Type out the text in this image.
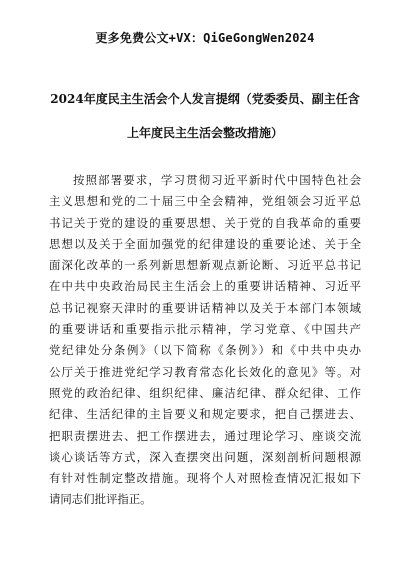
更多免费公文+VX：QiGeGongWen2024
2024年度民主生活会个人发言提纲（党委委员、副主任含
上年度民主生活会整改措施）
按照部署要求，学习贯彻习近平新时代中国特色社会
主义思想和党的二十届三中全会精神，党组领会习近平总
书记关于党的建设的重要思想、关于党的自我革命的重要
思想以及关于全面加强党的纪律建设的重要论述、关于全
面深化改革的一系列新思想新观点新论断、习近平总书记
在中共中央政治局民主生活会上的重要讲话精神、习近平
总书记视察天津时的重要讲话精神以及关于本部门本领域
的重要讲话和重要指示批示精神，学习党章、《中国共产
党纪律处分条例》（以下简称《条例》）和《中共中央办
公厅关于推进党纪学习教育常态化长效化的意见》等。对
照党的政治纪律、组织纪律、廉洁纪律、群众纪律、工作
纪律、生活纪律的主旨要义和规定要求，把自己摆进去、
把职责摆进去、把工作摆进去，通过理论学习、座谈交流
谈心谈话等方式，深入查摆突出问题，深刻剖析问题根源
有针对性制定整改措施。现将个人对照检查情况汇报如下
请同志们批评指正。
